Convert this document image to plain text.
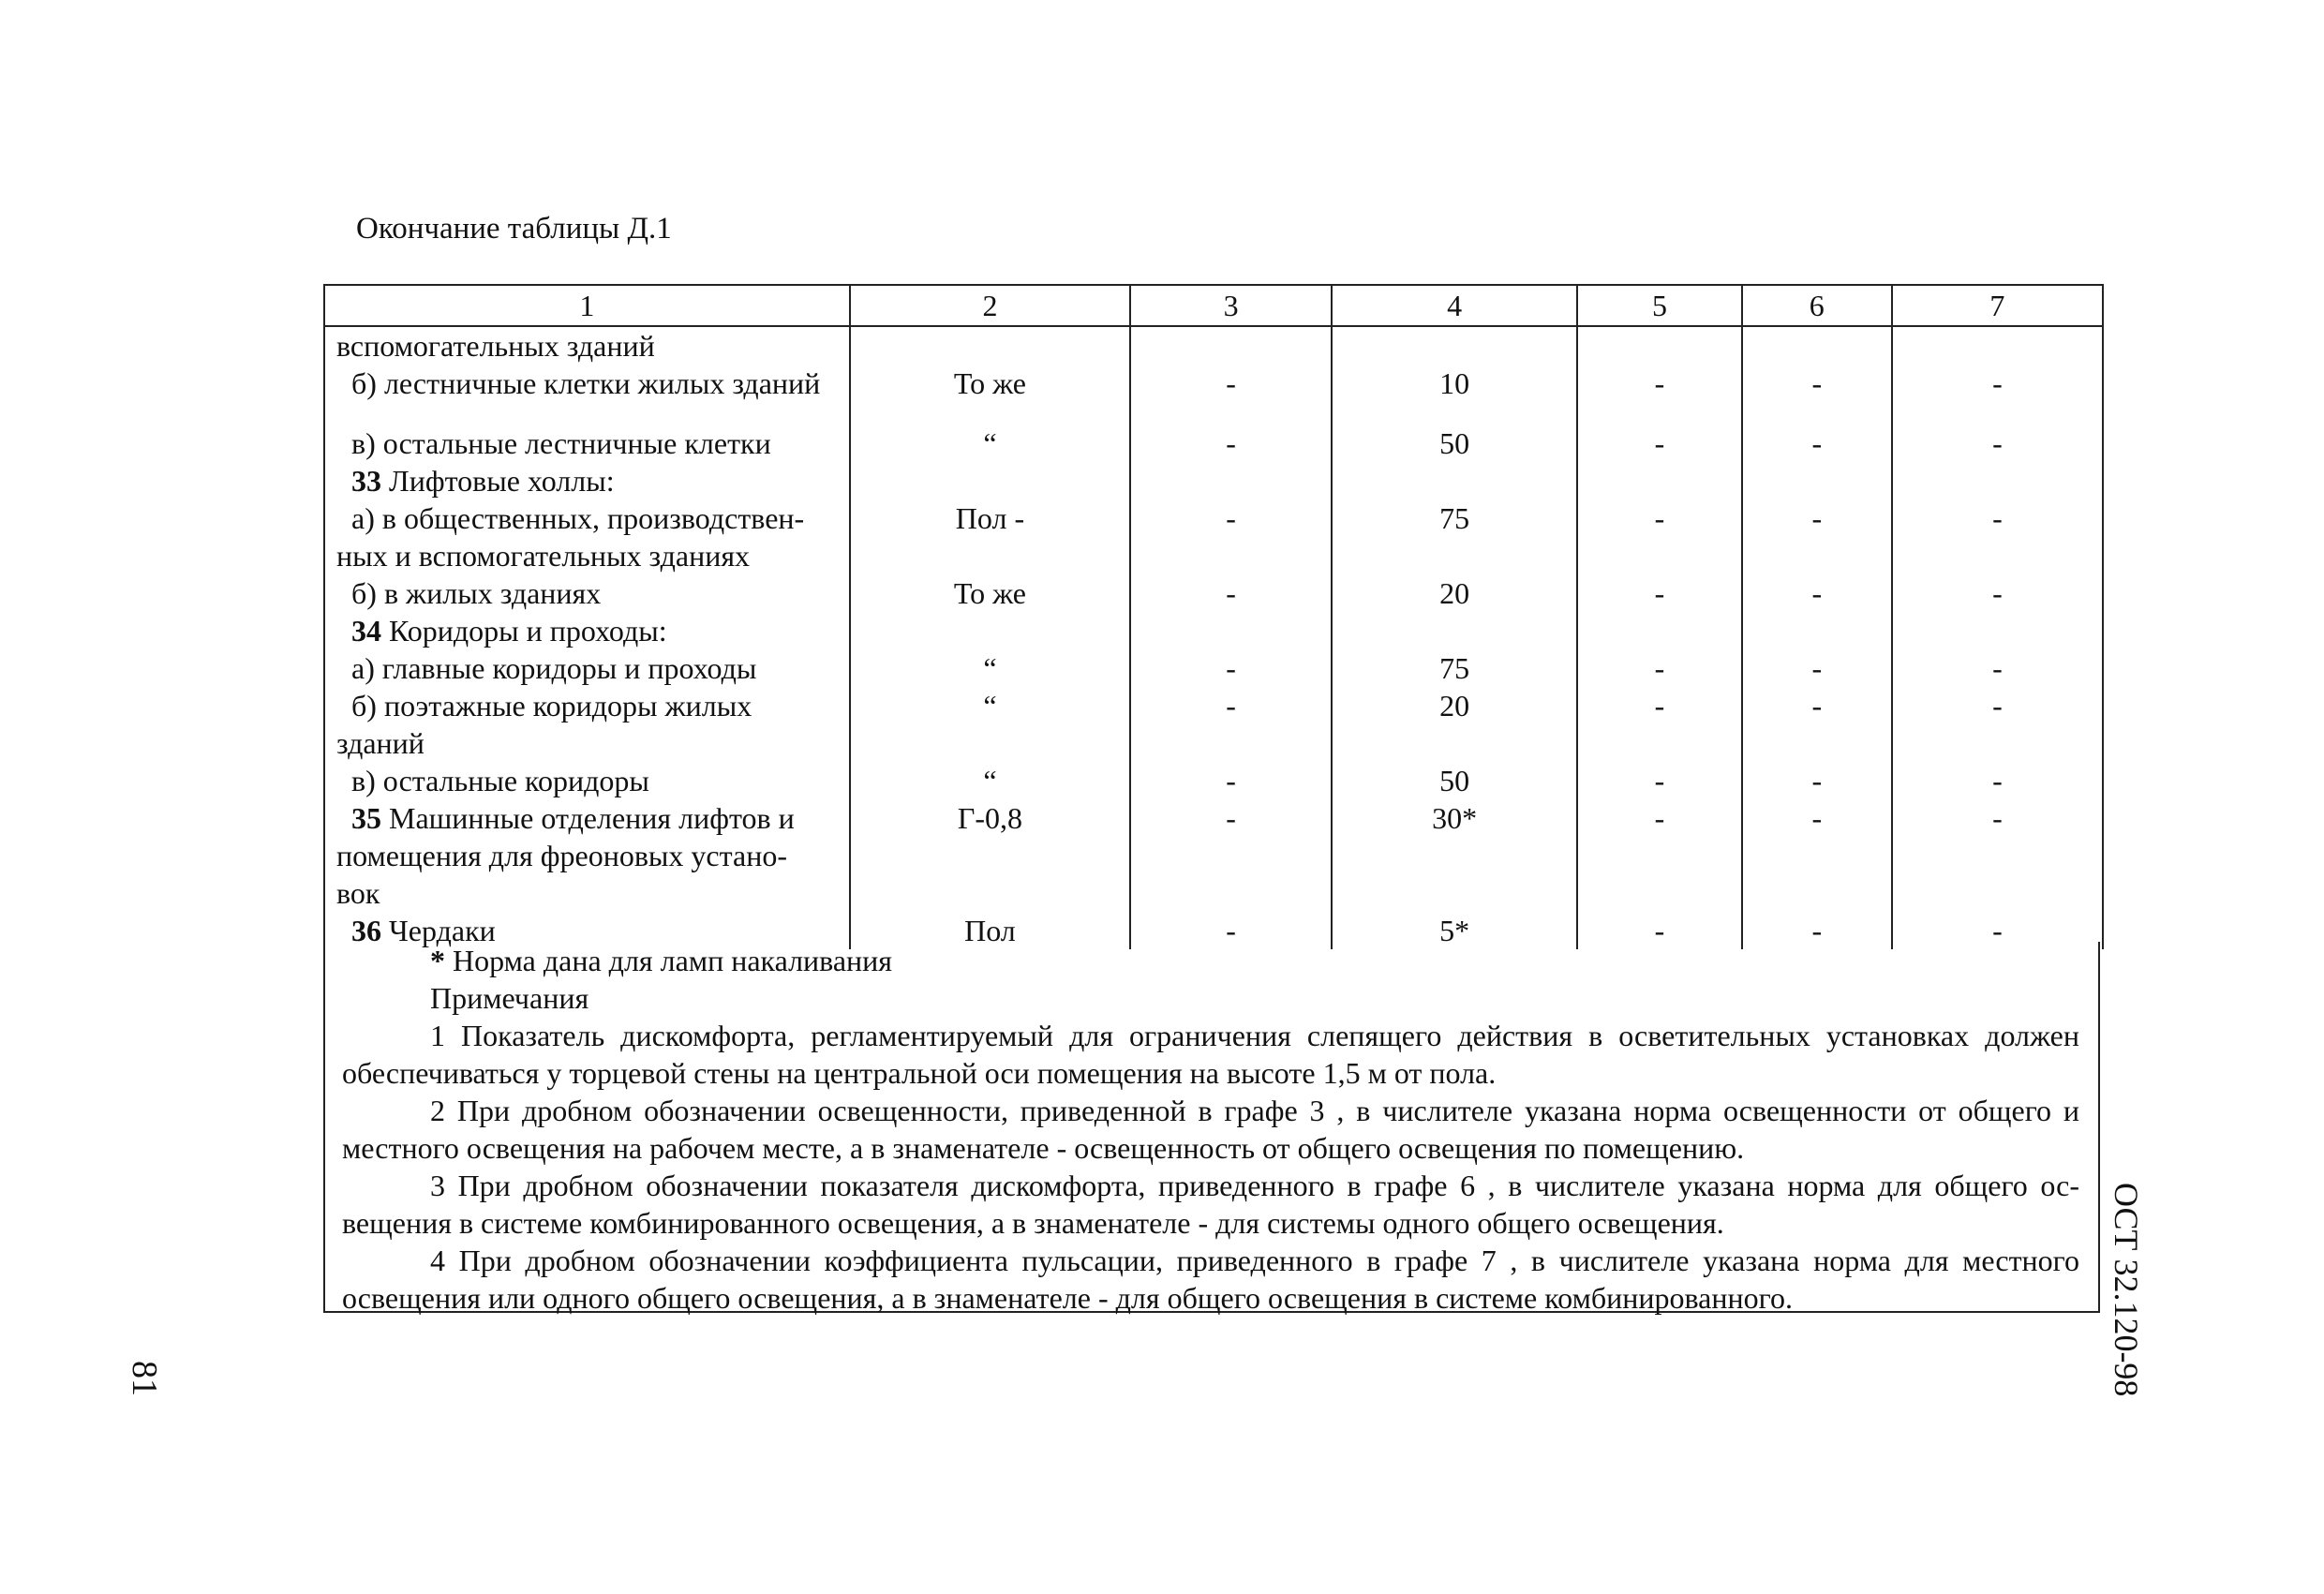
Окончание таблицы Д.1
1	2	3	4	5	6	7
вспомогательных зданий						
б) лестничные клетки жилых зданий	То же	-	10	-	-	-
в) остальные лестничные клетки	“	-	50	-	-	-
33 Лифтовые холлы:						
а) в общественных, производствен-
ных и вспомогательных зданиях	Пол -	-	75	-	-	-
б) в жилых зданиях	То же	-	20	-	-	-
34 Коридоры и проходы:						
а) главные коридоры и проходы	“	-	75	-	-	-
б) поэтажные коридоры жилых
зданий	“	-	20	-	-	-
в) остальные коридоры	“	-	50	-	-	-
35 Машинные отделения лифтов и
помещения для фреоновых устано-
вок	Г-0,8	-	30*	-	-	-
36 Чердаки	Пол	-	5*	-	-	-

* Норма дана для ламп накаливания

Примечания

1 Показатель дискомфорта, регламентируемый для ограничения слепящего действия в осветительных установках должен обеспечиваться у торцевой стены на центральной оси помещения на высоте 1,5 м от пола.

2 При дробном обозначении освещенности, приведенной в графе 3 , в числителе указана норма освещенности от общего и местного освещения на рабочем месте, а в знаменателе - освещенность от общего освещения по помещению.

3 При дробном обозначении показателя дискомфорта, приведенного в графе 6 , в числителе указана норма для общего ос-вещения в системе комбинированного освещения, а в знаменателе - для системы одного общего освещения.

4 При дробном обозначении коэффициента пульсации, приведенного в графе 7 , в числителе указана норма для местного освещения или одного общего освещения, а в знаменателе - для общего освещения в системе комбинированного.	ОСТ 32.120-98
81
